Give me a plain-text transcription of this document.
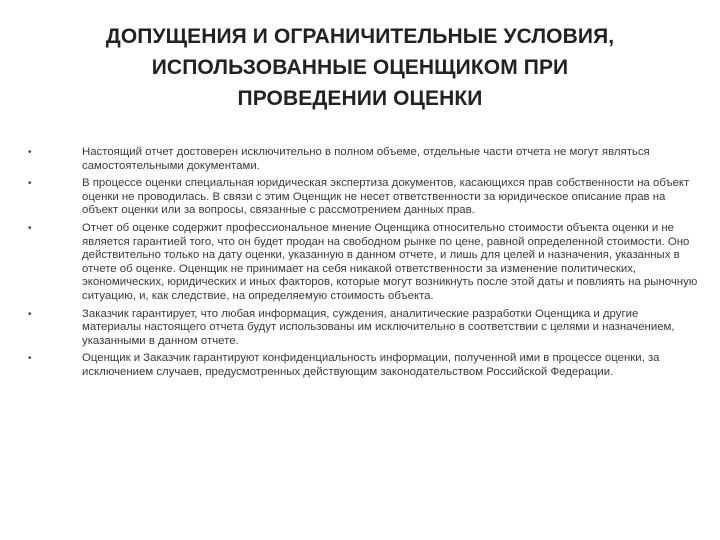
ДОПУЩЕНИЯ И ОГРАНИЧИТЕЛЬНЫЕ УСЛОВИЯ,
ИСПОЛЬЗОВАННЫЕ ОЦЕНЩИКОМ ПРИ
ПРОВЕДЕНИИ ОЦЕНКИ
•	Настоящий отчет достоверен исключительно в полном объеме, отдельные части отчета не могут являться самостоятельными документами.
•	В процессе оценки специальная юридическая экспертиза документов, касающихся прав собственности на объект оценки не проводилась. В связи с этим Оценщик не несет ответственности за юридическое описание прав на объект оценки или за вопросы, связанные с рассмотрением данных прав.
•	Отчет об оценке содержит профессиональное мнение Оценщика относительно стоимости объекта оценки и не является гарантией того, что он будет продан на свободном рынке по цене, равной определенной стоимости. Оно действительно только на дату оценки, указанную в данном отчете, и лишь для целей и назначения, указанных в отчете об оценке. Оценщик не принимает на себя никакой ответственности за изменение политических, экономических, юридических и иных факторов, которые могут возникнуть после этой даты и повлиять на рыночную ситуацию, и, как следствие, на определяемую стоимость объекта.
•	Заказчик гарантирует, что любая информация, суждения, аналитические разработки Оценщика и другие материалы настоящего отчета будут использованы им исключительно в соответствии с целями и назначением, указанными в данном отчете.
•	Оценщик и Заказчик гарантируют конфиденциальность информации, полученной ими в процессе оценки, за исключением случаев, предусмотренных действующим законодательством Российской Федерации.
